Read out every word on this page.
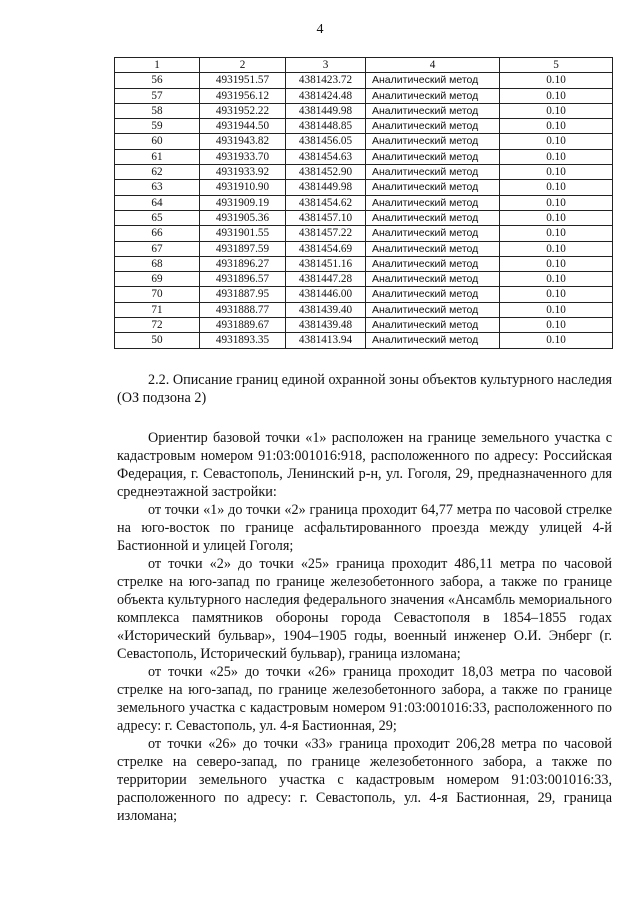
4
1	2	3	4	5
56	4931951.57	4381423.72	Аналитический метод	0.10
57	4931956.12	4381424.48	Аналитический метод	0.10
58	4931952.22	4381449.98	Аналитический метод	0.10
59	4931944.50	4381448.85	Аналитический метод	0.10
60	4931943.82	4381456.05	Аналитический метод	0.10
61	4931933.70	4381454.63	Аналитический метод	0.10
62	4931933.92	4381452.90	Аналитический метод	0.10
63	4931910.90	4381449.98	Аналитический метод	0.10
64	4931909.19	4381454.62	Аналитический метод	0.10
65	4931905.36	4381457.10	Аналитический метод	0.10
66	4931901.55	4381457.22	Аналитический метод	0.10
67	4931897.59	4381454.69	Аналитический метод	0.10
68	4931896.27	4381451.16	Аналитический метод	0.10
69	4931896.57	4381447.28	Аналитический метод	0.10
70	4931887.95	4381446.00	Аналитический метод	0.10
71	4931888.77	4381439.40	Аналитический метод	0.10
72	4931889.67	4381439.48	Аналитический метод	0.10
50	4931893.35	4381413.94	Аналитический метод	0.10

2.2. Описание границ единой охранной зоны объектов культурного наследия (ОЗ подзона 2)

Ориентир базовой точки «1» расположен на границе земельного участка с кадастровым номером 91:03:001016:918, расположенного по адресу: Российская Федерация, г. Севастополь, Ленинский р-н, ул. Гоголя, 29, предназначенного для среднеэтажной застройки:

от точки «1» до точки «2» граница проходит 64,77 метра по часовой стрелке на юго-восток по границе асфальтированного проезда между улицей 4-й Бастионной и улицей Гоголя;

от точки «2» до точки «25» граница проходит 486,11 метра по часовой стрелке на юго-запад по границе железобетонного забора, а также по границе объекта культурного наследия федерального значения «Ансамбль мемориального комплекса памятников обороны города Севастополя в 1854–1855 годах «Исторический бульвар», 1904–1905 годы, военный инженер О.И. Энберг (г. Севастополь, Исторический бульвар), граница изломана;

от точки «25» до точки «26» граница проходит 18,03 метра по часовой стрелке на юго-запад, по границе железобетонного забора, а также по границе земельного участка с кадастровым номером 91:03:001016:33, расположенного по адресу: г. Севастополь, ул. 4-я Бастионная, 29;

от точки «26» до точки «33» граница проходит 206,28 метра по часовой стрелке на северо-запад, по границе железобетонного забора, а также по территории земельного участка с кадастровым номером 91:03:001016:33, расположенного по адресу: г. Севастополь, ул. 4-я Бастионная, 29, граница изломана;
